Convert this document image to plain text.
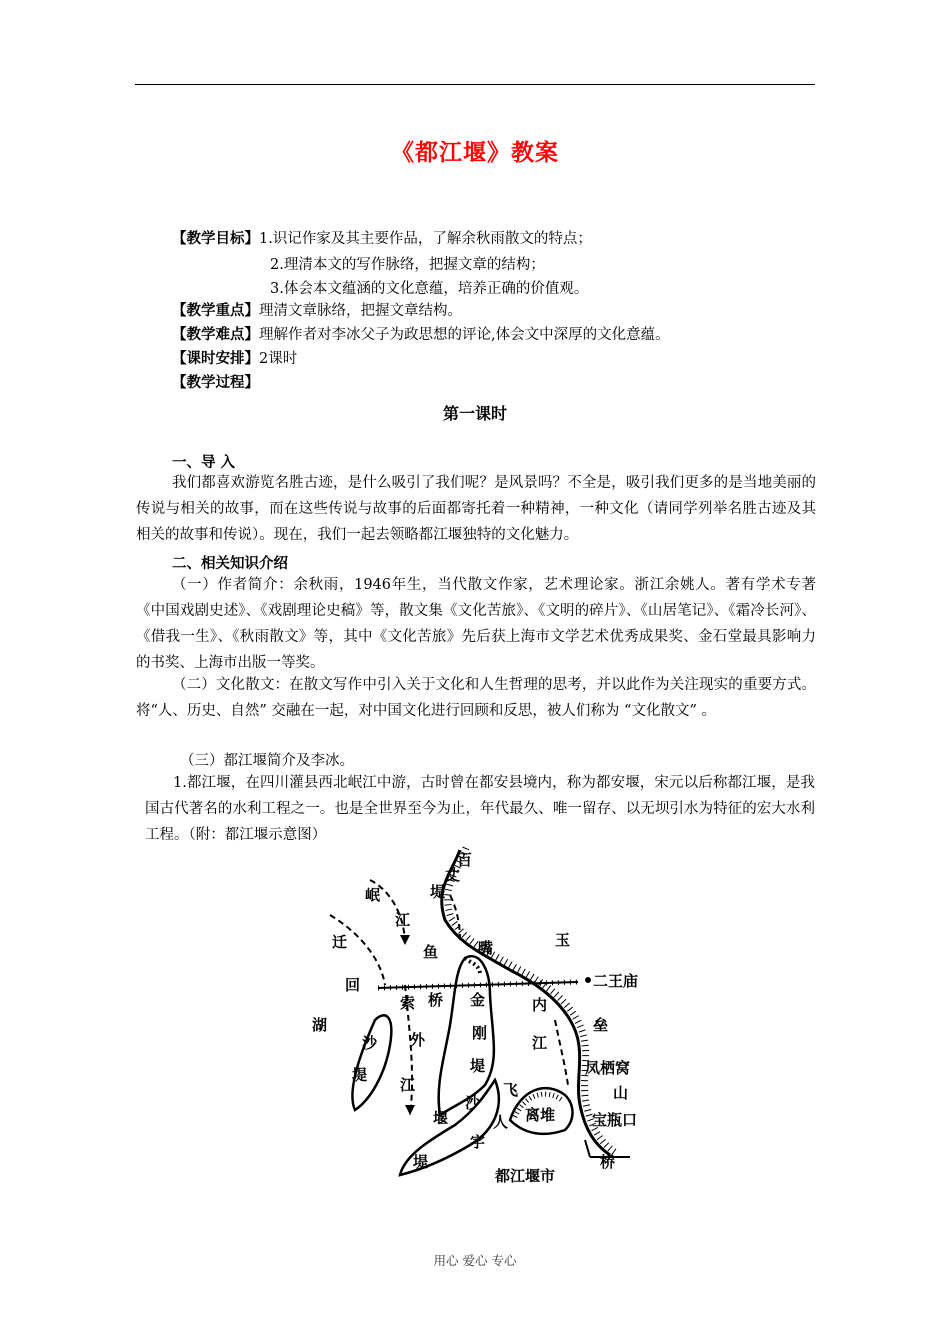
《都江堰》教案
【教学目标】1.识记作家及其主要作品，了解余秋雨散文的特点；
2.理清本文的写作脉络，把握文章的结构；
3.体会本文蕴涵的文化意蕴，培养正确的价值观。
【教学重点】理清文章脉络，把握文章结构。
【教学难点】理解作者对李冰父子为政思想的评论,体会文中深厚的文化意蕴。
【课时安排】2课时
【教学过程】
第一课时
一、导 入

我们都喜欢游览名胜古迹，是什么吸引了我们呢？是风景吗？不全是，吸引我们更多的是当地美丽的传说与相关的故事，而在这些传说与故事的后面都寄托着一种精神，一种文化（请同学列举名胜古迹及其相关的故事和传说）。现在，我们一起去领略都江堰独特的文化魅力。

二、相关知识介绍

（一）作者简介：余秋雨，1946年生，当代散文作家，艺术理论家。浙江余姚人。著有学术专著《中国戏剧史述》、《戏剧理论史稿》等，散文集《文化苦旅》、《文明的碎片》、《山居笔记》、《霜冷长河》、《借我一生》、《秋雨散文》等，其中《文化苦旅》先后获上海市文学艺术优秀成果奖、金石堂最具影响力的书奖、上海市出版一等奖。

（二）文化散文：在散文写作中引入关于文化和人生哲理的思考，并以此作为关注现实的重要方式。将“人、历史、自然” 交融在一起，对中国文化进行回顾和反思，被人们称为 “文化散文” 。

（三）都江堰简介及李冰。

1.都江堰，在四川灌县西北岷江中游，古时曾在都安县境内，称为都安堰，宋元以后称都江堰，是我国古代著名的水利工程之一。也是全世界至今为止，年代最久、唯一留存、以无坝引水为特征的宏大水利工程。（附：都江堰示意图）

百
丈
堤
岷
江
迁
回
湖
鱼	嘴	玉
二王庙
索 桥
外
江
金
刚
堤
内
江
垒
凤栖窝
山
宝瓶口
飞
沙
堰	人
字
堤
离堆
桥
都江堰市
沙
堤
用心 爱心 专心
